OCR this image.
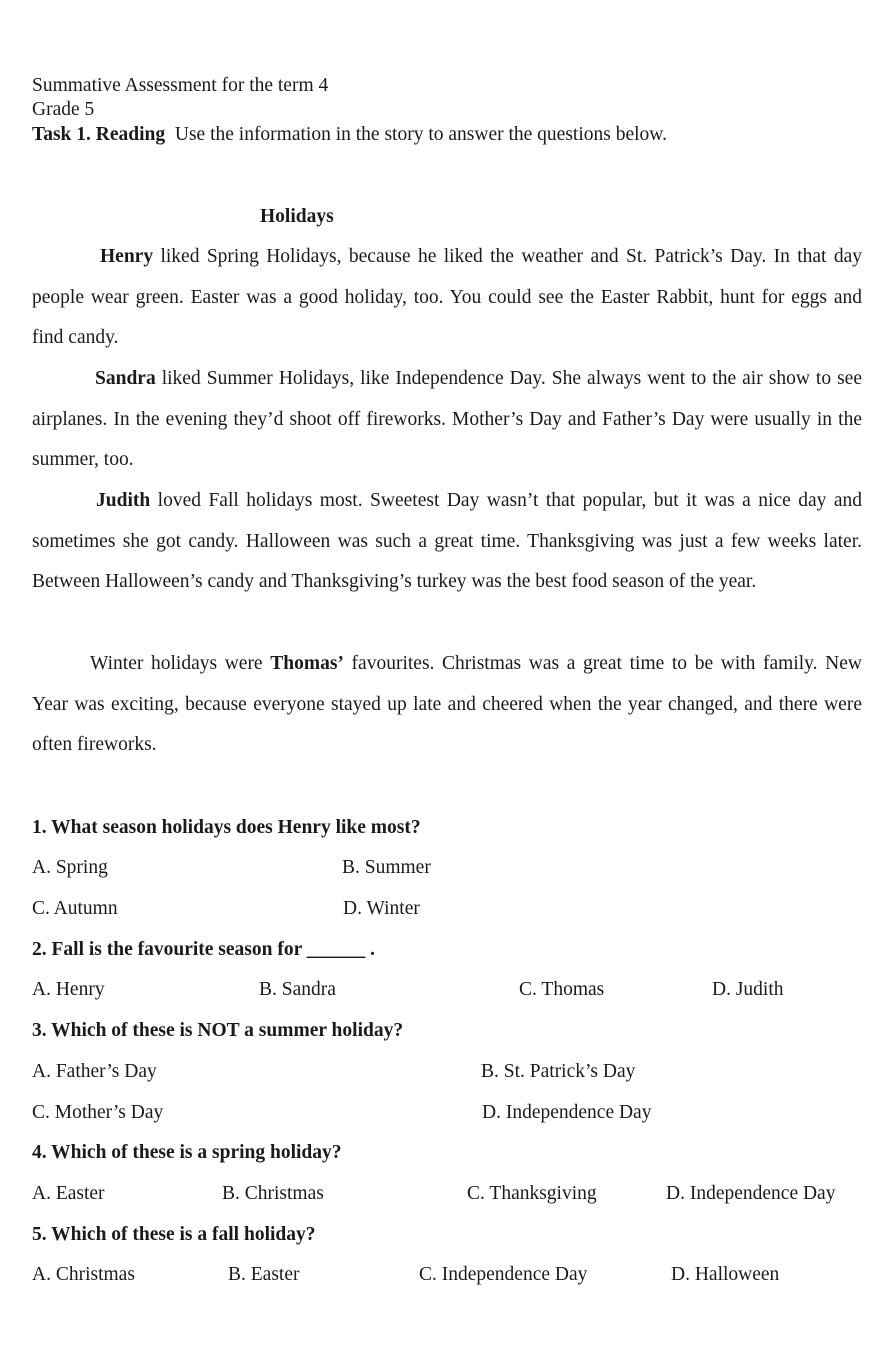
Summative Assessment for the term 4
Grade 5
Task 1. Reading Use the information in the story to answer the questions below.
Holidays
Henry liked Spring Holidays, because he liked the weather and St. Patrick’s Day. In that day people wear green. Easter was a good holiday, too. You could see the Easter Rabbit, hunt for eggs and find candy.
Sandra liked Summer Holidays, like Independence Day. She always went to the air show to see airplanes. In the evening they’d shoot off fireworks. Mother’s Day and Father’s Day were usually in the summer, too.
Judith loved Fall holidays most. Sweetest Day wasn’t that popular, but it was a nice day and sometimes she got candy. Halloween was such a great time. Thanksgiving was just a few weeks later. Between Halloween’s candy and Thanksgiving’s turkey was the best food season of the year.
Winter holidays were Thomas’ favourites. Christmas was a great time to be with family. New Year was exciting, because everyone stayed up late and cheered when the year changed, and there were often fireworks.
1. What season holidays does Henry like most?
A. Spring	B. Summer
C. Autumn	D. Winter
2. Fall is the favourite season for ______ .
A. Henry	B. Sandra	C. Thomas	D. Judith
3. Which of these is NOT a summer holiday?
A. Father’s Day	B. St. Patrick’s Day
C. Mother’s Day	D. Independence Day
4. Which of these is a spring holiday?
A. Easter	B. Christmas	C. Thanksgiving	D. Independence Day
5. Which of these is a fall holiday?
A. Christmas	B. Easter	C. Independence Day	D. Halloween
